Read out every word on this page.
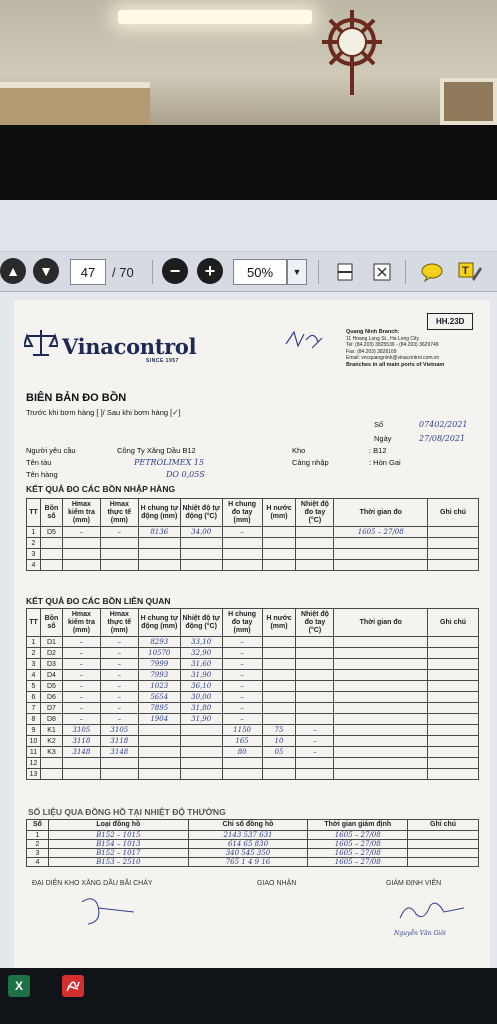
▲ ▼	47	/ 70 − +	50%	▼	T
Vinacontrol
SINCE 1957
HH.23D
Quang Ninh Branch:
11 Hoang Long St., Ha Long City
Tel: (84.203) 3825536 - (84.203) 3629749
Fax: (84.203) 3826169
Email: vncquangninh@vinacontrol.com.vn
Branches in all main ports of Vietnam
BIÊN BẢN ĐO BỒN
Trước khi bơm hàng [ ]/ Sau khi bơm hàng [✓]
Số	07402/2021
Ngày	27/08/2021
Người yêu cầu	Công Ty Xăng Dầu B12	Kho	: B12
Tên tàu	PETROLIMEX 15	Cảng nhập	: Hòn Gai
Tên hàng	DO 0,05S
KẾT QUẢ ĐO CÁC BỒN NHẬP HÀNG
TT	Bồn số	Hmax kiểm tra (mm)	Hmax thực tế (mm)	H chung tự động (mm)	Nhiệt độ tự động (°C)	H chung đo tay (mm)	H nước (mm)	Nhiệt độ đo tay (°C)	Thời gian đo	Ghi chú
1	D5	–	–	8136	34,00	–			1605 – 27/08	
2										
3										
4										
KẾT QUẢ ĐO CÁC BỒN LIÊN QUAN
TT	Bồn số	Hmax kiểm tra (mm)	Hmax thực tế (mm)	H chung tự động (mm)	Nhiệt độ tự động (°C)	H chung đo tay (mm)	H nước (mm)	Nhiệt độ đo tay (°C)	Thời gian đo	Ghi chú
1	D1	–	–	8293	33,10	–				
2	D2	–	–	10570	32,90	–				
3	D3	–	–	7999	31,60	–				
4	D4	–	–	7993	31,90	–				
5	D5	–	–	1023	36,10	–				
6	D6	–	–	5654	30,00	–				
7	D7	–	–	7895	31,80	–				
8	D8	–	–	1904	31,90	–				
9	K1	3105	3105			1150	75	–		
10	K2	3118	3118			165	10	–		
11	K3	3148	3148			80	05	–		
12										
13										
SỐ LIỆU QUA ĐỒNG HỒ TẠI NHIỆT ĐỘ THƯỜNG
Số	Loại đồng hồ	Chỉ số đồng hồ	Thời gian giám định	Ghi chú
1	B152 – 1015	2143 537 631	1605 – 27/08	
2	B154 – 1013	614 65 830	1605 – 27/08	
3	B152 – 1017	340 545 350	1605 – 27/08	
4	B153 – 2510	765 1 4 9 16	1605 – 27/08	
ĐẠI DIỆN KHO XĂNG DẦU BÃI CHÁY	GIAO NHẬN	GIÁM ĐỊNH VIÊN
Nguyễn Văn Giỏi
X
